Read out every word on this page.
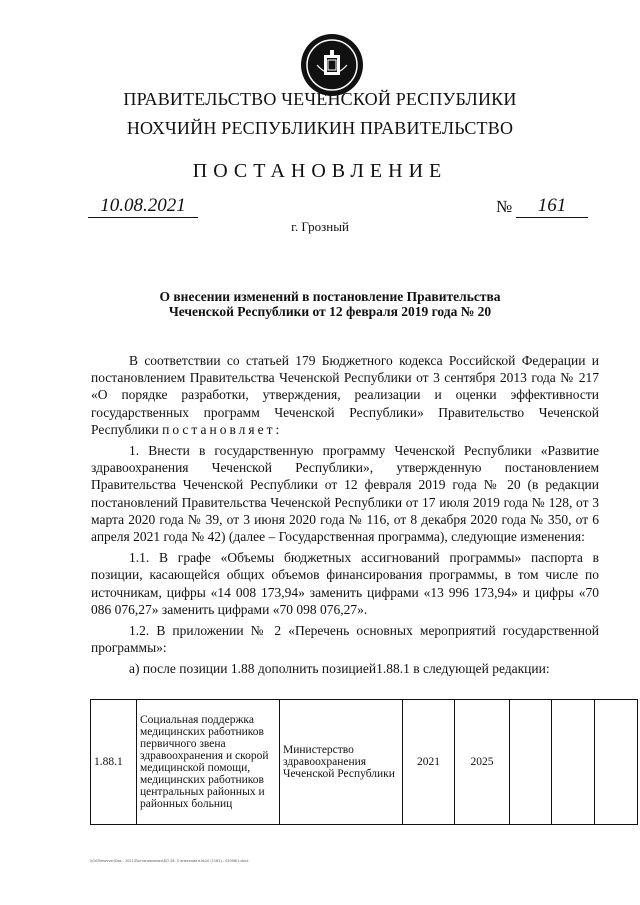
ПРАВИТЕЛЬСТВО ЧЕЧЕНСКОЙ РЕСПУБЛИКИ
НОХЧИЙН РЕСПУБЛИКИН ПРАВИТЕЛЬСТВО
ПОСТАНОВЛЕНИЕ
10.08.2021	№	161
г. Грозный
О внесении изменений в постановление Правительства
Чеченской Республики от 12 февраля 2019 года № 20

В соответствии со статьей 179 Бюджетного кодекса Российской Федерации и постановлением Правительства Чеченской Республики от 3 сентября 2013 года № 217 «О порядке разработки, утверждения, реализации и оценки эффективности государственных программ Чеченской Республики» Правительство Чеченской Республики постановляет:

1. Внести в государственную программу Чеченской Республики «Развитие здравоохранения Чеченской Республики», утвержденную постановлением Правительства Чеченской Республики от 12 февраля 2019 года № 20 (в редакции постановлений Правительства Чеченской Республики от 17 июля 2019 года № 128, от 3 марта 2020 года № 39, от 3 июня 2020 года № 116, от 8 декабря 2020 года № 350, от 6 апреля 2021 года № 42) (далее – Государственная программа), следующие изменения:

1.1. В графе «Объемы бюджетных ассигнований программы» паспорта в позиции, касающейся общих объемов финансирования программы, в том числе по источникам, цифры «14 008 173,94» заменить цифрами «13 996 173,94» и цифры «70 086 076,27» заменить цифрами «70 098 076,27».

1.2. В приложении № 2 «Перечень основных мероприятий государственной программы»:

а) после позиции 1.88 дополнить позицией1.88.1 в следующей редакции:

1.88.1	Социальная поддержка медицинских работников первичного звена здравоохранения и скорой медицинской помощи, медицинских работников центральных районных и районных больниц	Министерство здравоохранения Чеченской Республики	2021	2025			
\\Gr\Fileserver\Dок - 2021\Постановления\8\7-28. О внесении в №20 (1161)-- 02098\1.docx
